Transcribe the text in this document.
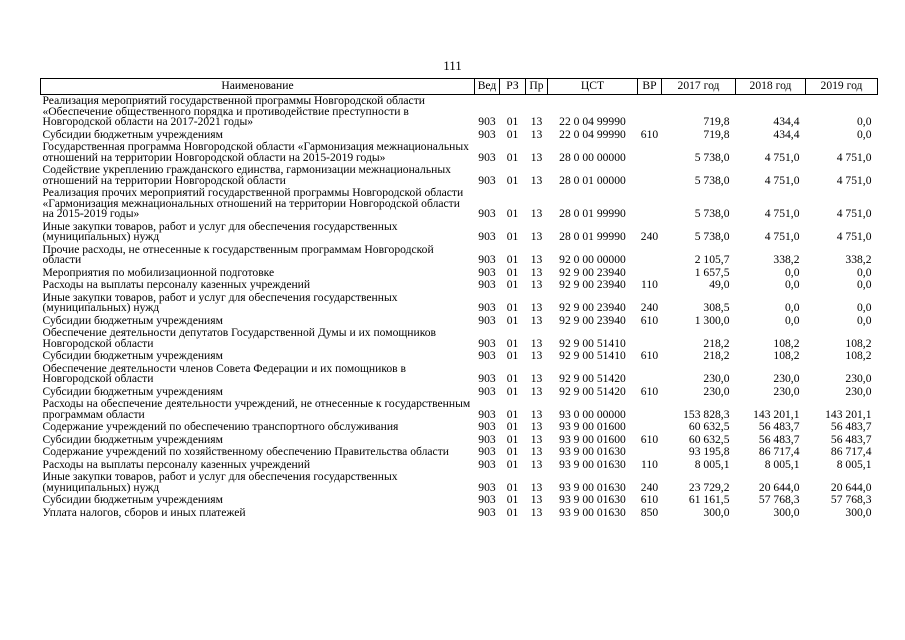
111
Наименование	Вед	РЗ	Пр	ЦСТ	ВР	2017 год	2018 год	2019 год
Реализация мероприятий государственной программы Новгородской области «Обеспечение общественного порядка и противодействие преступности в Новгородской области на 2017-2021 годы»	903	01	13	22 0 04 99990		719,8	434,4	0,0
Субсидии бюджетным учреждениям	903	01	13	22 0 04 99990	610	719,8	434,4	0,0
Государственная программа Новгородской области «Гармонизация межнациональных отношений на территории Новгородской области на 2015-2019 годы»	903	01	13	28 0 00 00000		5 738,0	4 751,0	4 751,0
Содействие укреплению гражданского единства, гармонизации межнациональных отношений на территории Новгородской области	903	01	13	28 0 01 00000		5 738,0	4 751,0	4 751,0
Реализация прочих мероприятий государственной программы Новгородской области «Гармонизация межнациональных отношений на территории Новгородской области на 2015-2019 годы»	903	01	13	28 0 01 99990		5 738,0	4 751,0	4 751,0
Иные закупки товаров, работ и услуг для обеспечения государственных (муниципальных) нужд	903	01	13	28 0 01 99990	240	5 738,0	4 751,0	4 751,0
Прочие расходы, не отнесенные к государственным программам Новгородской области	903	01	13	92 0 00 00000		2 105,7	338,2	338,2
Мероприятия по мобилизационной подготовке	903	01	13	92 9 00 23940		1 657,5	0,0	0,0
Расходы на выплаты персоналу казенных учреждений	903	01	13	92 9 00 23940	110	49,0	0,0	0,0
Иные закупки товаров, работ и услуг для обеспечения государственных (муниципальных) нужд	903	01	13	92 9 00 23940	240	308,5	0,0	0,0
Субсидии бюджетным учреждениям	903	01	13	92 9 00 23940	610	1 300,0	0,0	0,0
Обеспечение деятельности депутатов Государственной Думы и их помощников Новгородской области	903	01	13	92 9 00 51410		218,2	108,2	108,2
Субсидии бюджетным учреждениям	903	01	13	92 9 00 51410	610	218,2	108,2	108,2
Обеспечение деятельности членов Совета Федерации и их помощников в Новгородской области	903	01	13	92 9 00 51420		230,0	230,0	230,0
Субсидии бюджетным учреждениям	903	01	13	92 9 00 51420	610	230,0	230,0	230,0
Расходы на обеспечение деятельности учреждений, не отнесенные к государственным программам области	903	01	13	93 0 00 00000		153 828,3	143 201,1	143 201,1
Содержание учреждений по обеспечению транспортного обслуживания	903	01	13	93 9 00 01600		60 632,5	56 483,7	56 483,7
Субсидии бюджетным учреждениям	903	01	13	93 9 00 01600	610	60 632,5	56 483,7	56 483,7
Содержание учреждений по хозяйственному обеспечению Правительства области	903	01	13	93 9 00 01630		93 195,8	86 717,4	86 717,4
Расходы на выплаты персоналу казенных учреждений	903	01	13	93 9 00 01630	110	8 005,1	8 005,1	8 005,1
Иные закупки товаров, работ и услуг для обеспечения государственных (муниципальных) нужд	903	01	13	93 9 00 01630	240	23 729,2	20 644,0	20 644,0
Субсидии бюджетным учреждениям	903	01	13	93 9 00 01630	610	61 161,5	57 768,3	57 768,3
Уплата налогов, сборов и иных платежей	903	01	13	93 9 00 01630	850	300,0	300,0	300,0
